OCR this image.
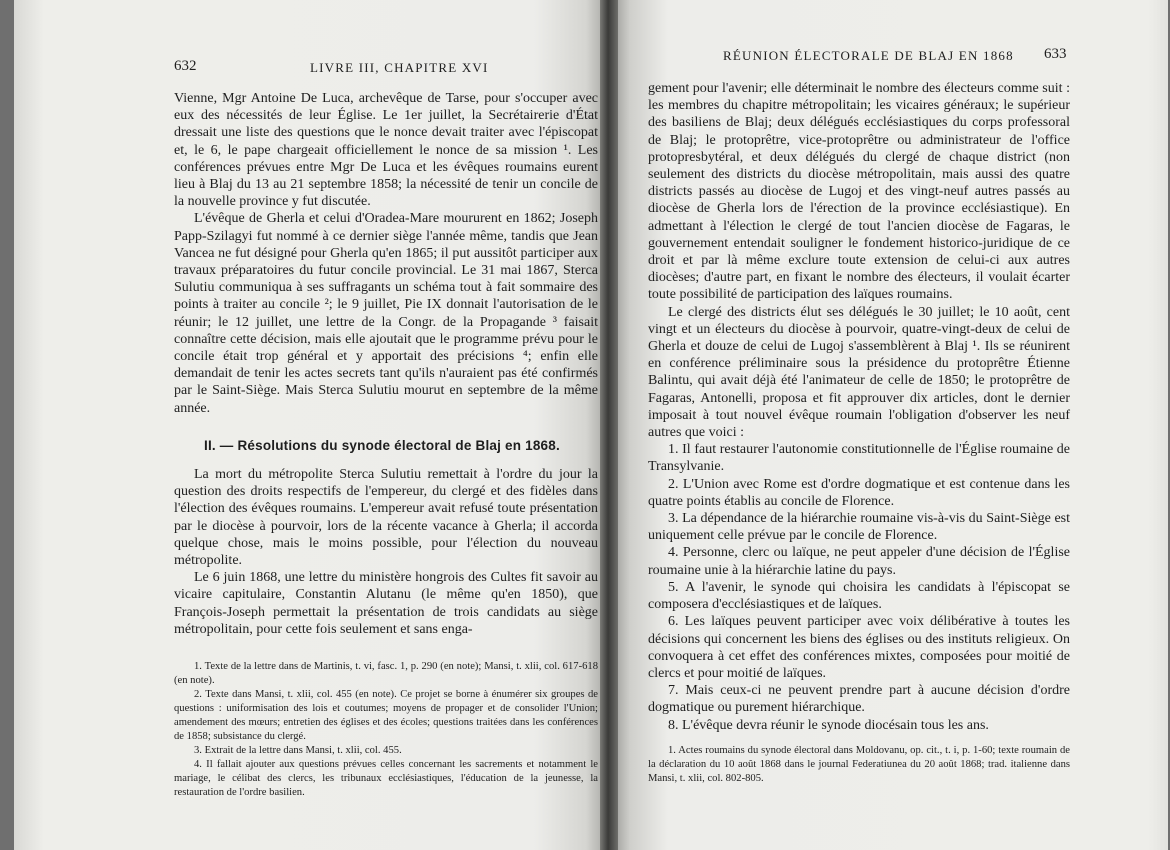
632	LIVRE III, CHAPITRE XVI

Vienne, Mgr Antoine De Luca, archevêque de Tarse, pour s'occuper avec eux des nécessités de leur Église. Le 1er juillet, la Secrétairerie d'État dressait une liste des questions que le nonce devait traiter avec l'épiscopat et, le 6, le pape chargeait officiellement le nonce de sa mission ¹. Les conférences prévues entre Mgr De Luca et les évêques roumains eurent lieu à Blaj du 13 au 21 septembre 1858; la nécessité de tenir un concile de la nouvelle province y fut discutée.

L'évêque de Gherla et celui d'Oradea-Mare moururent en 1862; Joseph Papp-Szilagyi fut nommé à ce dernier siège l'année même, tandis que Jean Vancea ne fut désigné pour Gherla qu'en 1865; il put aussitôt participer aux travaux préparatoires du futur concile provincial. Le 31 mai 1867, Sterca Sulutiu communiqua à ses suffragants un schéma tout à fait sommaire des points à traiter au concile ²; le 9 juillet, Pie IX donnait l'autorisation de le réunir; le 12 juillet, une lettre de la Congr. de la Propagande ³ faisait connaître cette décision, mais elle ajoutait que le programme prévu pour le concile était trop général et y apportait des précisions ⁴; enfin elle demandait de tenir les actes secrets tant qu'ils n'auraient pas été confirmés par le Saint-Siège. Mais Sterca Sulutiu mourut en septembre de la même année.

II. — Résolutions du synode électoral de Blaj en 1868.

La mort du métropolite Sterca Sulutiu remettait à l'ordre du jour la question des droits respectifs de l'empereur, du clergé et des fidèles dans l'élection des évêques roumains. L'empereur avait refusé toute présentation par le diocèse à pourvoir, lors de la récente vacance à Gherla; il accorda quelque chose, mais le moins possible, pour l'élection du nouveau métropolite.

Le 6 juin 1868, une lettre du ministère hongrois des Cultes fit savoir au vicaire capitulaire, Constantin Alutanu (le même qu'en 1850), que François-Joseph permettait la présentation de trois candidats au siège métropolitain, pour cette fois seulement et sans enga-

1. Texte de la lettre dans de Martinis, t. vi, fasc. 1, p. 290 (en note); Mansi, t. xlii, col. 617-618 (en note).

2. Texte dans Mansi, t. xlii, col. 455 (en note). Ce projet se borne à énumérer six groupes de questions : uniformisation des lois et coutumes; moyens de propager et de consolider l'Union; amendement des mœurs; entretien des églises et des écoles; questions traitées dans les conférences de 1858; subsistance du clergé.

3. Extrait de la lettre dans Mansi, t. xlii, col. 455.

4. Il fallait ajouter aux questions prévues celles concernant les sacrements et notamment le mariage, le célibat des clercs, les tribunaux ecclésiastiques, l'éducation de la jeunesse, la restauration de l'ordre basilien.

RÉUNION ÉLECTORALE DE BLAJ EN 1868 633

gement pour l'avenir; elle déterminait le nombre des électeurs comme suit : les membres du chapitre métropolitain; les vicaires généraux; le supérieur des basiliens de Blaj; deux délégués ecclésiastiques du corps professoral de Blaj; le protoprêtre, vice-protoprêtre ou administrateur de l'office protopresbytéral, et deux délégués du clergé de chaque district (non seulement des districts du diocèse métropolitain, mais aussi des quatre districts passés au diocèse de Lugoj et des vingt-neuf autres passés au diocèse de Gherla lors de l'érection de la province ecclésiastique). En admettant à l'élection le clergé de tout l'ancien diocèse de Fagaras, le gouvernement entendait souligner le fondement historico-juridique de ce droit et par là même exclure toute extension de celui-ci aux autres diocèses; d'autre part, en fixant le nombre des électeurs, il voulait écarter toute possibilité de participation des laïques roumains.

Le clergé des districts élut ses délégués le 30 juillet; le 10 août, cent vingt et un électeurs du diocèse à pourvoir, quatre-vingt-deux de celui de Gherla et douze de celui de Lugoj s'assemblèrent à Blaj ¹. Ils se réunirent en conférence préliminaire sous la présidence du protoprêtre Étienne Balintu, qui avait déjà été l'animateur de celle de 1850; le protoprêtre de Fagaras, Antonelli, proposa et fit approuver dix articles, dont le dernier imposait à tout nouvel évêque roumain l'obligation d'observer les neuf autres que voici :

1. Il faut restaurer l'autonomie constitutionnelle de l'Église roumaine de Transylvanie.

2. L'Union avec Rome est d'ordre dogmatique et est contenue dans les quatre points établis au concile de Florence.

3. La dépendance de la hiérarchie roumaine vis-à-vis du Saint-Siège est uniquement celle prévue par le concile de Florence.

4. Personne, clerc ou laïque, ne peut appeler d'une décision de l'Église roumaine unie à la hiérarchie latine du pays.

5. A l'avenir, le synode qui choisira les candidats à l'épiscopat se composera d'ecclésiastiques et de laïques.

6. Les laïques peuvent participer avec voix délibérative à toutes les décisions qui concernent les biens des églises ou des instituts religieux. On convoquera à cet effet des conférences mixtes, composées pour moitié de clercs et pour moitié de laïques.

7. Mais ceux-ci ne peuvent prendre part à aucune décision d'ordre dogmatique ou purement hiérarchique.

8. L'évêque devra réunir le synode diocésain tous les ans.

1. Actes roumains du synode électoral dans Moldovanu, op. cit., t. i, p. 1-60; texte roumain de la déclaration du 10 août 1868 dans le journal Federatiunea du 20 août 1868; trad. italienne dans Mansi, t. xlii, col. 802-805.
